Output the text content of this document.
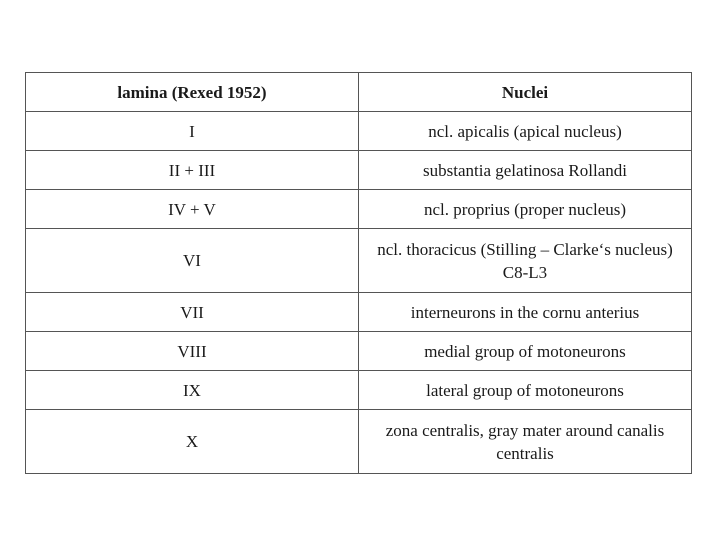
lamina (Rexed 1952)	Nuclei
I	ncl. apicalis (apical nucleus)
II + III	substantia gelatinosa Rollandi
IV + V	ncl. proprius (proper nucleus)
VI	ncl. thoracicus (Stilling – Clarke‘s nucleus) C8-L3
VII	interneurons in the cornu anterius
VIII	medial group of motoneurons
IX	lateral group of motoneurons
X	zona centralis, gray mater around canalis centralis
